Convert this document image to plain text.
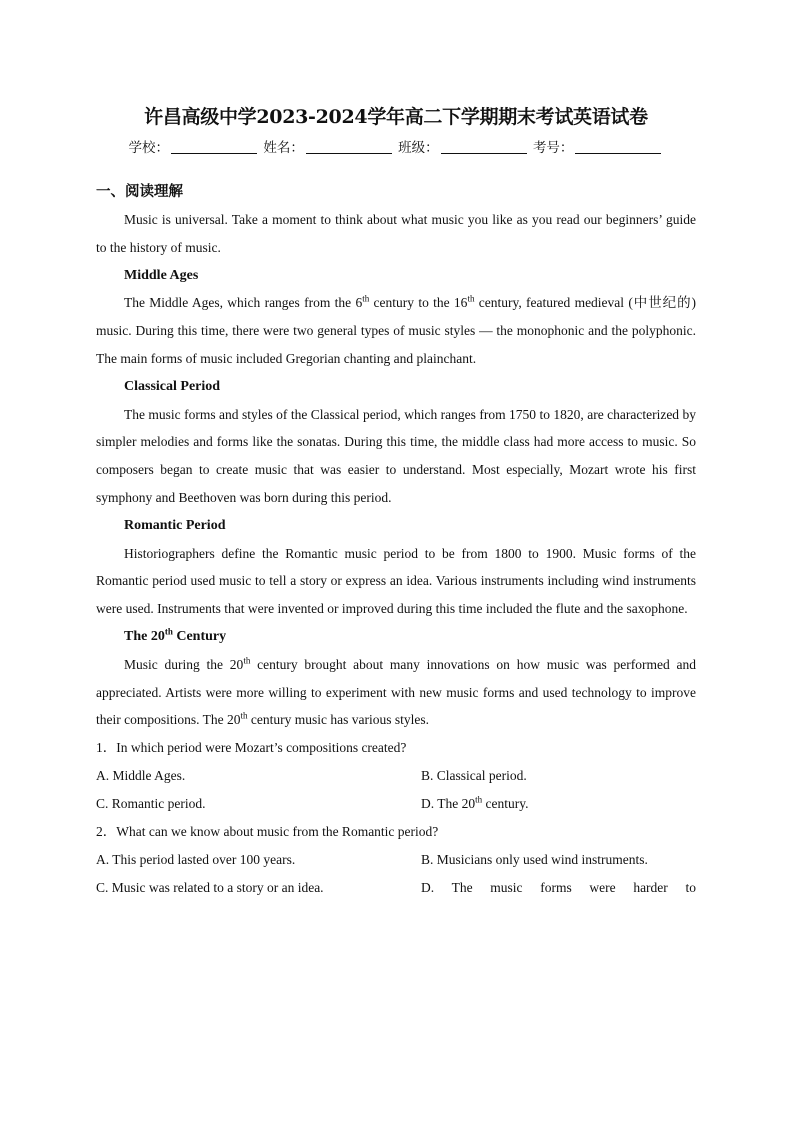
许昌高级中学2023-2024学年高二下学期期末考试英语试卷
学校：	姓名：	班级：	考号：
一、阅读理解

Music is universal. Take a moment to think about what music you like as you read our beginners’ guide to the history of music.

Middle Ages

The Middle Ages, which ranges from the 6th century to the 16th century, featured medieval (中世纪的) music. During this time, there were two general types of music styles — the monophonic and the polyphonic. The main forms of music included Gregorian chanting and plainchant.

Classical Period

The music forms and styles of the Classical period, which ranges from 1750 to 1820, are characterized by simpler melodies and forms like the sonatas. During this time, the middle class had more access to music. So composers began to create music that was easier to understand. Most especially, Mozart wrote his first symphony and Beethoven was born during this period.

Romantic Period

Historiographers define the Romantic music period to be from 1800 to 1900. Music forms of the Romantic period used music to tell a story or express an idea. Various instruments including wind instruments were used. Instruments that were invented or improved during this time included the flute and the saxophone.

The 20th Century

Music during the 20th century brought about many innovations on how music was performed and appreciated. Artists were more willing to experiment with new music forms and used technology to improve their compositions. The 20th century music has various styles.

1．In which period were Mozart’s compositions created?

A. Middle Ages.	B. Classical period.
C. Romantic period.	D. The 20th century.

2．What can we know about music from the Romantic period?

A. This period lasted over 100 years.	B. Musicians only used wind instruments.
C. Music was related to a story or an idea.	D. The music forms were harder to
